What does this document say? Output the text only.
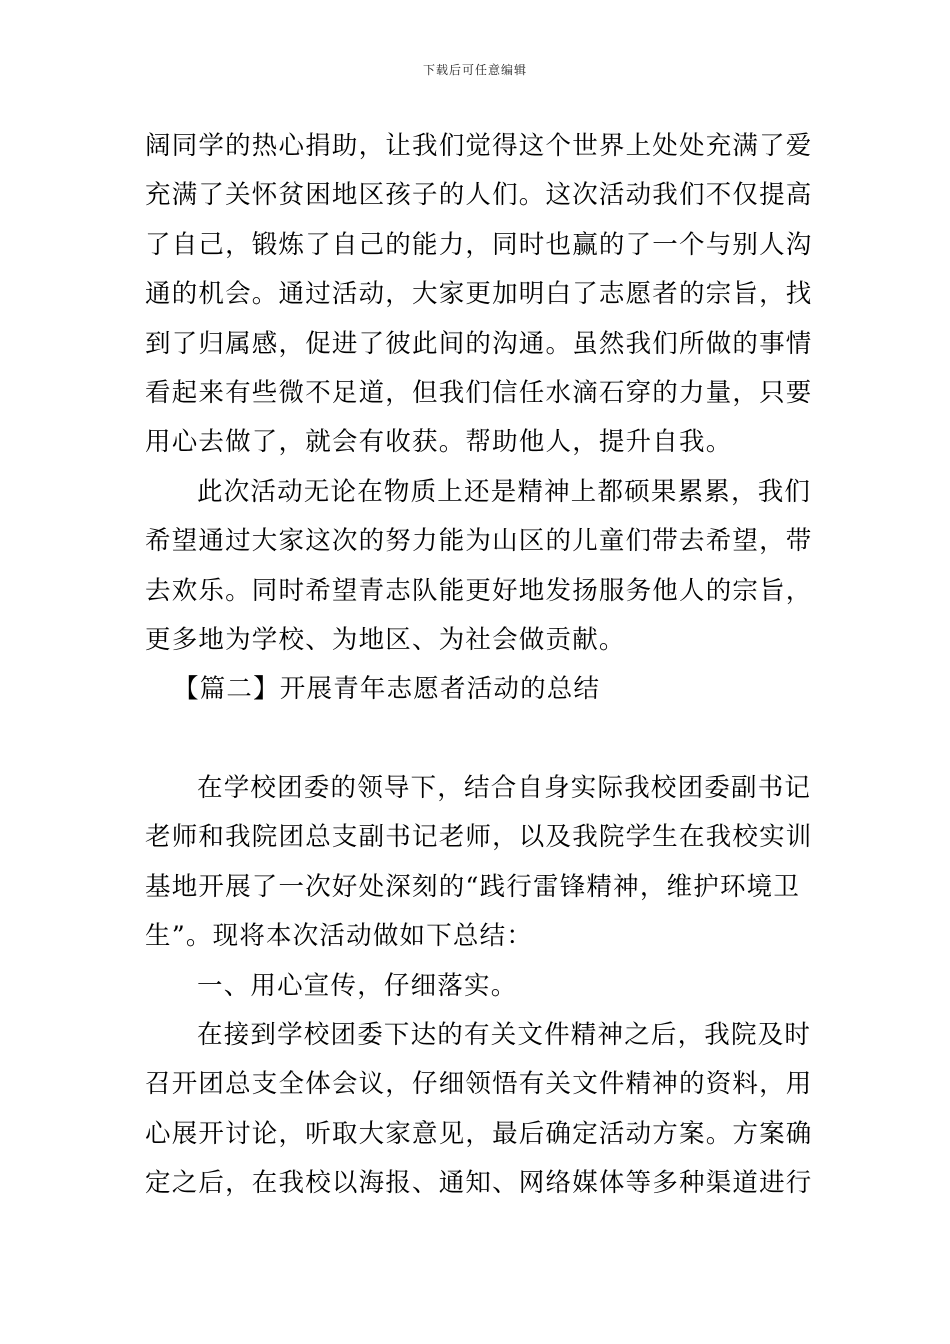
下载后可任意编辑
阔同学的热心捐助，让我们觉得这个世界上处处充满了爱
充满了关怀贫困地区孩子的人们。这次活动我们不仅提高
了自己，锻炼了自己的能力，同时也赢的了一个与别人沟
通的机会。通过活动，大家更加明白了志愿者的宗旨，找
到了归属感，促进了彼此间的沟通。虽然我们所做的事情
看起来有些微不足道，但我们信任水滴石穿的力量，只要
用心去做了，就会有收获。帮助他人，提升自我。
此次活动无论在物质上还是精神上都硕果累累，我们
希望通过大家这次的努力能为山区的儿童们带去希望，带
去欢乐。同时希望青志队能更好地发扬服务他人的宗旨，
更多地为学校、为地区、为社会做贡献。
【篇二】开展青年志愿者活动的总结
在学校团委的领导下，结合自身实际我校团委副书记
老师和我院团总支副书记老师，以及我院学生在我校实训
基地开展了一次好处深刻的“践行雷锋精神，维护环境卫
生”。现将本次活动做如下总结：
一、用心宣传，仔细落实。
在接到学校团委下达的有关文件精神之后，我院及时
召开团总支全体会议，仔细领悟有关文件精神的资料，用
心展开讨论，听取大家意见，最后确定活动方案。方案确
定之后，在我校以海报、通知、网络媒体等多种渠道进行
